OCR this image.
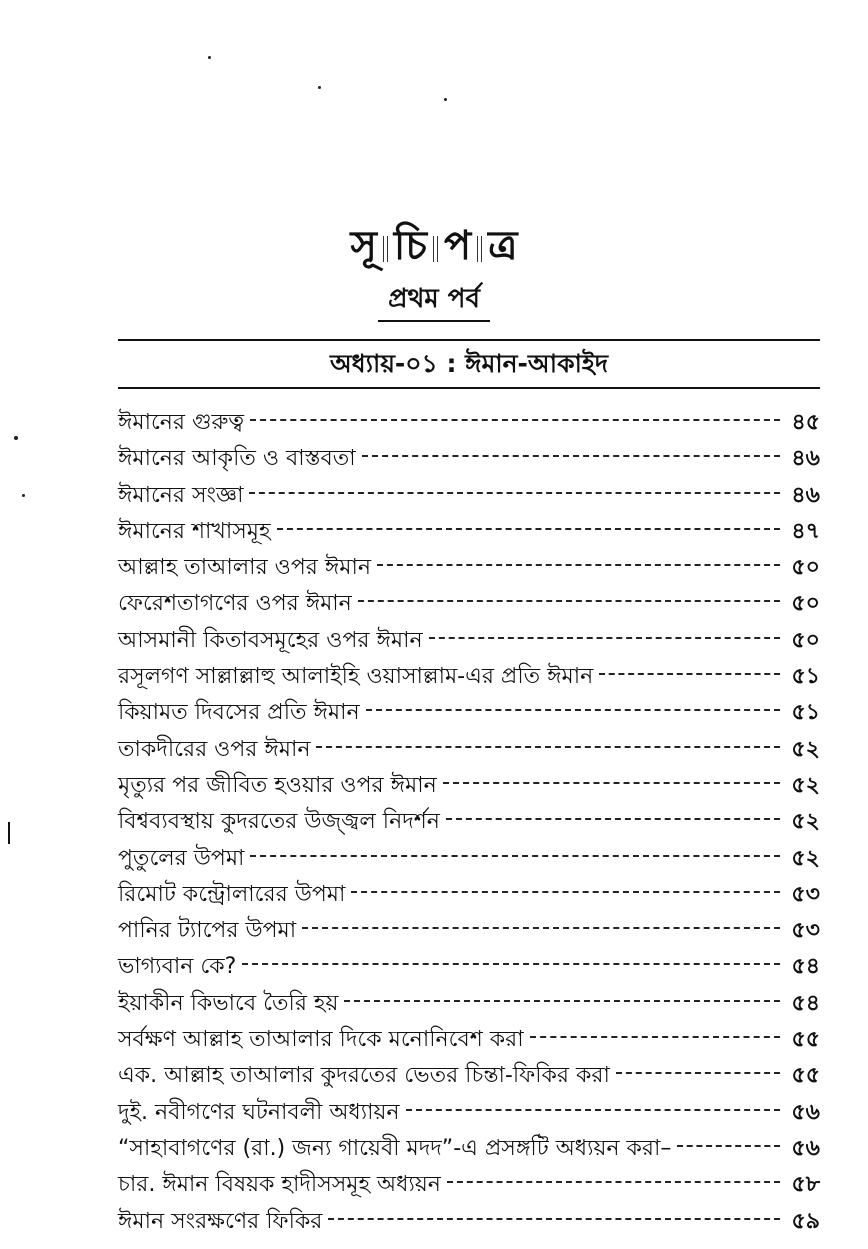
সূ চি প ত্র
প্রথম পর্ব
অধ্যায়-০১ : ঈমান-আকাইদ
ঈমানের গুরুত্ব	৪৫
ঈমানের আকৃতি ও বাস্তবতা	৪৬
ঈমানের সংজ্ঞা	৪৬
ঈমানের শাখাসমূহ	৪৭
আল্লাহ তাআলার ওপর ঈমান	৫০
ফেরেশতাগণের ওপর ঈমান	৫০
আসমানী কিতাবসমূহের ওপর ঈমান	৫০
রসূলগণ সাল্লাল্লাহু আলাইহি ওয়াসাল্লাম-এর প্রতি ঈমান	৫১
কিয়ামত দিবসের প্রতি ঈমান	৫১
তাকদীরের ওপর ঈমান	৫২
মৃত্যুর পর জীবিত হওয়ার ওপর ঈমান	৫২
বিশ্বব্যবস্থায় কুদরতের উজ্জ্বল নিদর্শন	৫২
পুতুলের উপমা	৫২
রিমোট কন্ট্রোলারের উপমা	৫৩
পানির ট্যাপের উপমা	৫৩
ভাগ্যবান কে?	৫৪
ইয়াকীন কিভাবে তৈরি হয়	৫৪
সর্বক্ষণ আল্লাহ তাআলার দিকে মনোনিবেশ করা	৫৫
এক. আল্লাহ তাআলার কুদরতের ভেতর চিন্তা-ফিকির করা	৫৫
দুই. নবীগণের ঘটনাবলী অধ্যায়ন	৫৬
“সাহাবাগণের (রা.) জন্য গায়েবী মদদ”-এ প্রসঙ্গটি অধ্যয়ন করা–	৫৬
চার. ঈমান বিষয়ক হাদীসসমূহ অধ্যয়ন	৫৮
ঈমান সংরক্ষণের ফিকির	৫৯
